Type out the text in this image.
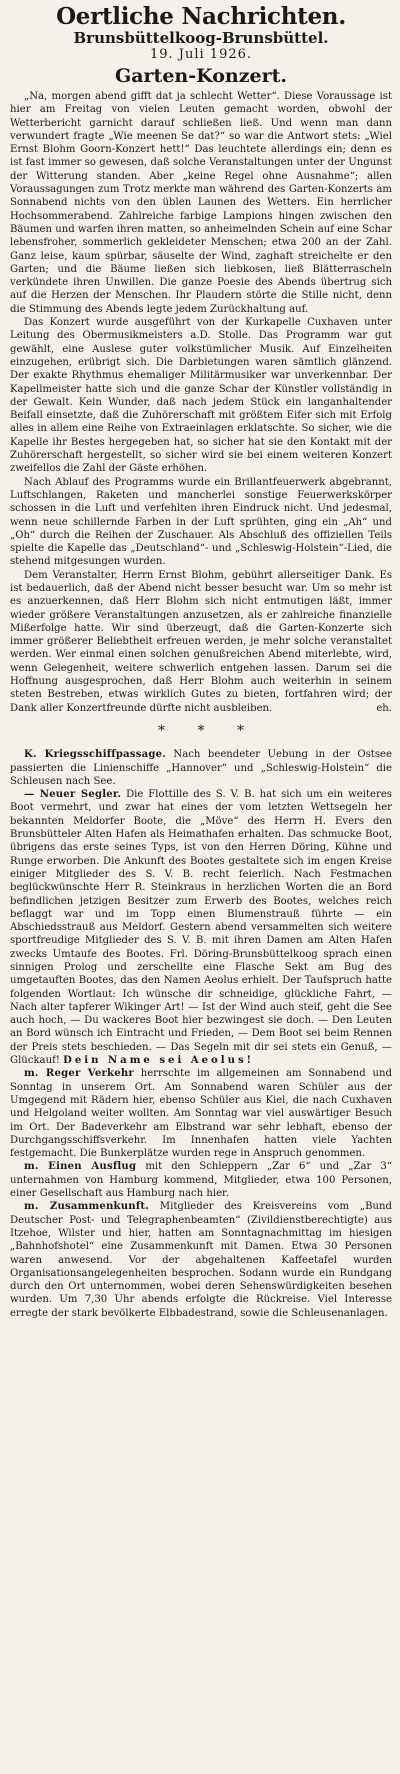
Oertliche Nachrichten.
Brunsbüttelkoog-Brunsbüttel.
19. Juli 1926.
Garten-Konzert.

„Na, morgen abend gifft dat ja schlecht Wetter“. Diese Voraussage ist hier am Freitag von vielen Leuten gemacht worden, obwohl der Wetterbericht garnicht darauf schließen ließ. Und wenn man dann verwundert fragte „Wie meenen Se dat?“ so war die Antwort stets: „Wiel Ernst Blohm Goorn-Konzert hett!“ Das leuchtete allerdings ein; denn es ist fast immer so gewesen, daß solche Veranstaltungen unter der Ungunst der Witterung standen. Aber „keine Regel ohne Ausnahme“; allen Voraussagungen zum Trotz merkte man während des Garten-Konzerts am Sonnabend nichts von den üblen Launen des Wetters. Ein herrlicher Hochsommerabend. Zahlreiche farbige Lampions hingen zwischen den Bäumen und warfen ihren matten, so anheimelnden Schein auf eine Schar lebensfroher, sommerlich gekleideter Menschen; etwa 200 an der Zahl. Ganz leise, kaum spürbar, säuselte der Wind, zaghaft streichelte er den Garten; und die Bäume ließen sich liebkosen, ließ Blätterrascheln verkündete ihren Unwillen. Die ganze Poesie des Abends übertrug sich auf die Herzen der Menschen. Ihr Plaudern störte die Stille nicht, denn die Stimmung des Abends legte jedem Zurückhaltung auf.

Das Konzert wurde ausgeführt von der Kurkapelle Cuxhaven unter Leitung des Obermusikmeisters a.D. Stolle. Das Programm war gut gewählt, eine Auslese guter volkstümlicher Musik. Auf Einzelheiten einzugehen, erübrigt sich. Die Darbietungen waren sämtlich glänzend. Der exakte Rhythmus ehemaliger Militärmusiker war unverkennbar. Der Kapellmeister hatte sich und die ganze Schar der Künstler vollständig in der Gewalt. Kein Wunder, daß nach jedem Stück ein langanhaltender Beifall einsetzte, daß die Zuhörerschaft mit größtem Eifer sich mit Erfolg alles in allem eine Reihe von Extraeinlagen erklatschte. So sicher, wie die Kapelle ihr Bestes hergegeben hat, so sicher hat sie den Kontakt mit der Zuhörerschaft hergestellt, so sicher wird sie bei einem weiteren Konzert zweifellos die Zahl der Gäste erhöhen.

Nach Ablauf des Programms wurde ein Brillantfeuerwerk abgebrannt, Luftschlangen, Raketen und mancherlei sonstige Feuerwerkskörper schossen in die Luft und verfehlten ihren Eindruck nicht. Und jedesmal, wenn neue schillernde Farben in der Luft sprühten, ging ein „Ah“ und „Oh“ durch die Reihen der Zuschauer. Als Abschluß des offiziellen Teils spielte die Kapelle das „Deutschland“- und „Schleswig-Holstein“-Lied, die stehend mitgesungen wurden.

Dem Veranstalter, Herrn Ernst Blohm, gebührt allerseitiger Dank. Es ist bedauerlich, daß der Abend nicht besser besucht war. Um so mehr ist es anzuerkennen, daß Herr Blohm sich nicht entmutigen läßt, immer wieder größere Veranstaltungen anzusetzen, als er zahlreiche finanzielle Mißerfolge hatte. Wir sind überzeugt, daß die Garten-Konzerte sich immer größerer Beliebtheit erfreuen werden, je mehr solche veranstaltet werden. Wer einmal einen solchen genußreichen Abend miterlebte, wird, wenn Gelegenheit, weitere schwerlich entgehen lassen. Darum sei die Hoffnung ausgesprochen, daß Herr Blohm auch weiterhin in seinem steten Bestreben, etwas wirklich Gutes zu bieten, fortfahren wird; der Dank aller Konzertfreunde dürfte nicht ausbleiben.	eh.

* * *

K. Kriegsschiffpassage. Nach beendeter Uebung in der Ostsee passierten die Linienschiffe „Hannover“ und „Schleswig-Holstein“ die Schleusen nach See.

— Neuer Segler. Die Flottille des S. V. B. hat sich um ein weiteres Boot vermehrt, und zwar hat eines der vom letzten Wettsegeln her bekannten Meldorfer Boote, die „Möve“ des Herrn H. Evers den Brunsbütteler Alten Hafen als Heimathafen erhalten. Das schmucke Boot, übrigens das erste seines Typs, ist von den Herren Döring, Kühne und Runge erworben. Die Ankunft des Bootes gestaltete sich im engen Kreise einiger Mitglieder des S. V. B. recht feierlich. Nach Festmachen beglückwünschte Herr R. Steinkraus in herzlichen Worten die an Bord befindlichen jetzigen Besitzer zum Erwerb des Bootes, welches reich beflaggt war und im Topp einen Blumenstrauß führte — ein Abschiedsstrauß aus Meldorf. Gestern abend versammelten sich weitere sportfreudige Mitglieder des S. V. B. mit ihren Damen am Alten Hafen zwecks Umtaufe des Bootes. Frl. Döring-Brunsbüttelkoog sprach einen sinnigen Prolog und zerschellte eine Flasche Sekt am Bug des umgetauften Bootes, das den Namen Aeolus erhielt. Der Taufspruch hatte folgenden Wortlaut: Ich wünsche dir schneidige, glückliche Fahrt, — Nach alter tapferer Wikinger Art! — Ist der Wind auch steif, geht die See auch hoch, — Du wackeres Boot hier bezwingest sie doch. — Den Leuten an Bord wünsch ich Eintracht und Frieden, — Dem Boot sei beim Rennen der Preis stets beschieden. — Das Segeln mit dir sei stets ein Genuß, — Glückauf! Dein Name sei Aeolus!

m. Reger Verkehr herrschte im allgemeinen am Sonnabend und Sonntag in unserem Ort. Am Sonnabend waren Schüler aus der Umgegend mit Rädern hier, ebenso Schüler aus Kiel, die nach Cuxhaven und Helgoland weiter wollten. Am Sonntag war viel auswärtiger Besuch im Ort. Der Badeverkehr am Elbstrand war sehr lebhaft, ebenso der Durchgangsschiffsverkehr. Im Innenhafen hatten viele Yachten festgemacht. Die Bunkerplätze wurden rege in Anspruch genommen.

m. Einen Ausflug mit den Schleppern „Zar 6“ und „Zar 3“ unternahmen von Hamburg kommend, Mitglieder, etwa 100 Personen, einer Gesellschaft aus Hamburg nach hier.

m. Zusammenkunft. Mitglieder des Kreisvereins vom „Bund Deutscher Post- und Telegraphenbeamten“ (Zivildienstberechtigte) aus Itzehoe, Wilster und hier, hatten am Sonntagnachmittag im hiesigen „Bahnhofshotel“ eine Zusammenkunft mit Damen. Etwa 30 Personen waren anwesend. Vor der abgehaltenen Kaffeetafel wurden Organisationsangelegenheiten besprochen. Sodann wurde ein Rundgang durch den Ort unternommen, wobei deren Sehenswürdigkeiten besehen wurden. Um 7,30 Uhr abends erfolgte die Rückreise. Viel Interesse erregte der stark bevölkerte Elbbadestrand, sowie die Schleusenanlagen.
